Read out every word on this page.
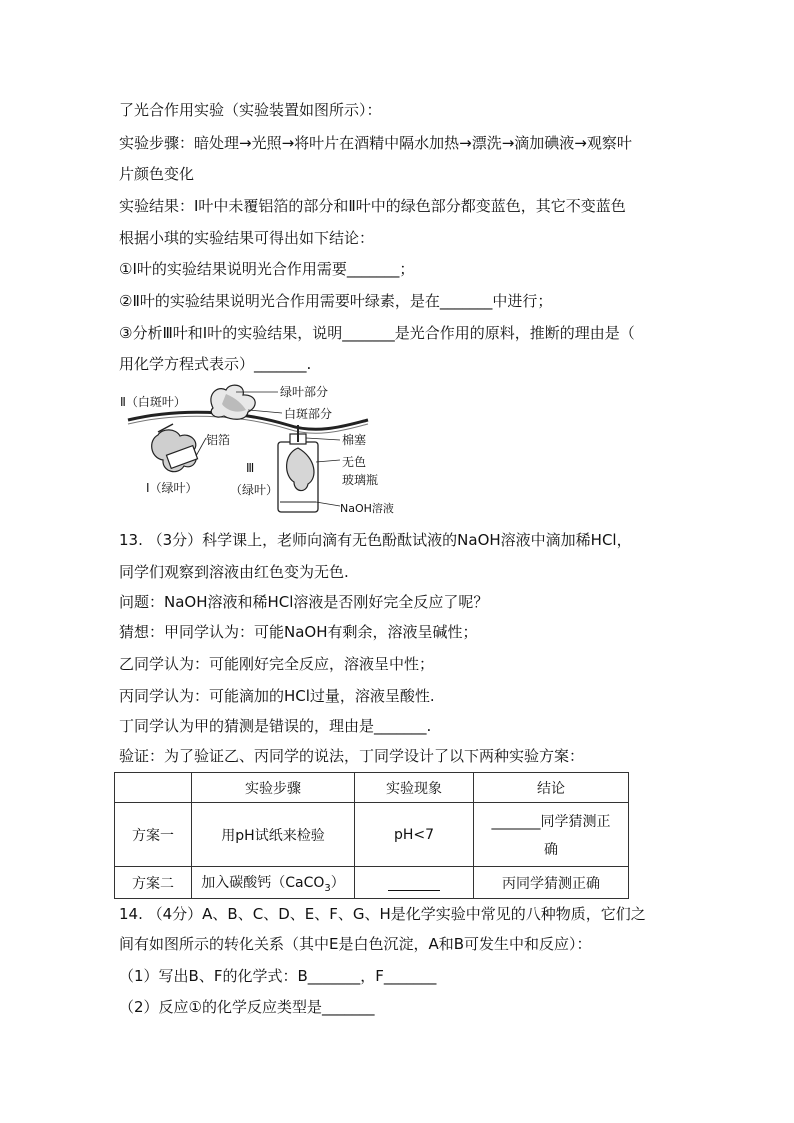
了光合作用实验（实验装置如图所示）：
实验步骤：暗处理→光照→将叶片在酒精中隔水加热→漂洗→滴加碘液→观察叶
片颜色变化
实验结果：Ⅰ叶中未覆铝箔的部分和Ⅱ叶中的绿色部分都变蓝色，其它不变蓝色
根据小琪的实验结果可得出如下结论：
①Ⅰ叶的实验结果说明光合作用需要_______；
②Ⅱ叶的实验结果说明光合作用需要叶绿素，是在_______中进行；
③分析Ⅲ叶和Ⅰ叶的实验结果，说明_______是光合作用的原料，推断的理由是（
用化学方程式表示）_______.
Ⅱ（白斑叶）
绿叶部分
白斑部分
棉塞
无色
玻璃瓶
NaOH溶液
铝箔
Ⅲ
（绿叶）
Ⅰ（绿叶）
13. （3分）科学课上，老师向滴有无色酚酞试液的NaOH溶液中滴加稀HCl，
同学们观察到溶液由红色变为无色.
问题：NaOH溶液和稀HCl溶液是否刚好完全反应了呢？
猜想：甲同学认为：可能NaOH有剩余，溶液呈碱性；
乙同学认为：可能刚好完全反应，溶液呈中性；
丙同学认为：可能滴加的HCl过量，溶液呈酸性.
丁同学认为甲的猜测是错误的，理由是_______.
验证：为了验证乙、丙同学的说法，丁同学设计了以下两种实验方案：
	实验步骤	实验现象	结论
方案一	用pH试纸来检验	pH<7	_______同学猜测正
确

方案二	加入碳酸钙（CaCO$_3$）		丙同学猜测正确
14. （4分）A、B、C、D、E、F、G、H是化学实验中常见的八种物质，它们之
间有如图所示的转化关系（其中E是白色沉淀，A和B可发生中和反应）：
（1）写出B、F的化学式：B_______，F_______
（2）反应①的化学反应类型是_______
